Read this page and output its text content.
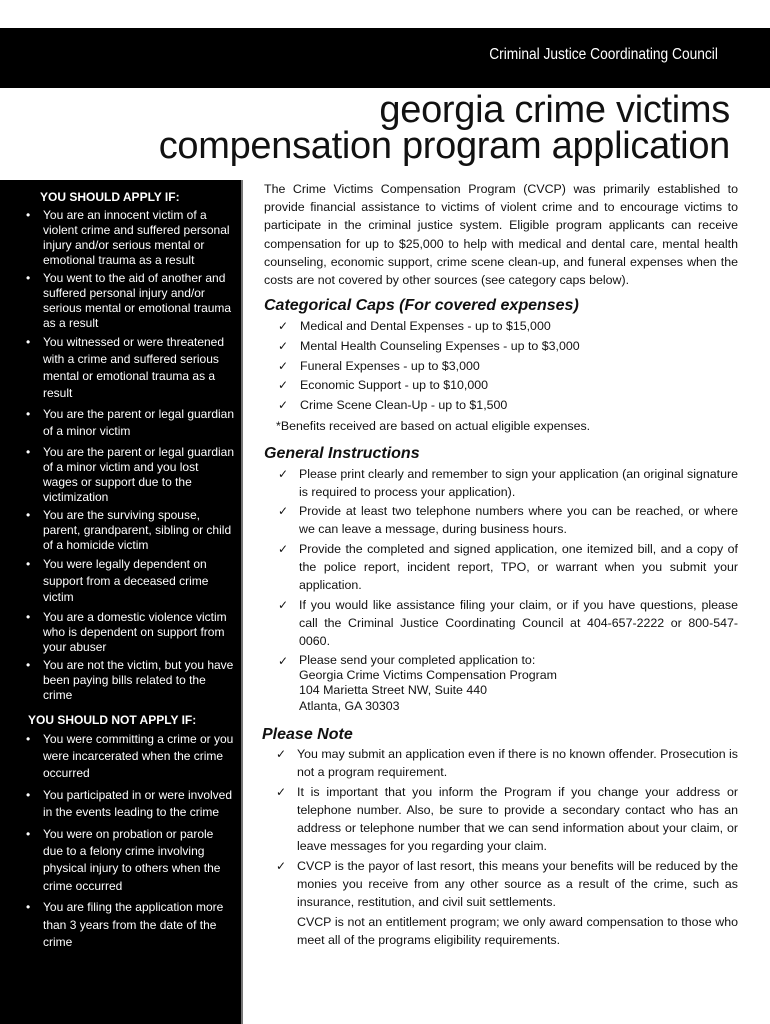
Criminal Justice Coordinating Council
georgia crime victims
compensation program application
YOU SHOULD APPLY IF:
• You are an innocent victim of a violent crime and suffered personal injury and/or serious mental or emotional trauma as a result
• You went to the aid of another and suffered personal injury and/or serious mental or emotional trauma as a result
• You witnessed or were threatened with a crime and suffered serious mental or emotional trauma as a result
• You are the parent or legal guardian of a minor victim
• You are the parent or legal guardian of a minor victim and you lost wages or support due to the victimization
• You are the surviving spouse, parent, grandparent, sibling or child of a homicide victim
• You were legally dependent on support from a deceased crime victim
• You are a domestic violence victim who is dependent on support from your abuser
• You are not the victim, but you have been paying bills related to the crime
YOU SHOULD NOT APPLY IF:
• You were committing a crime or you were incarcerated when the crime occurred
• You participated in or were involved in the events leading to the crime
• You were on probation or parole due to a felony crime involving physical injury to others when the crime occurred
• You are filing the application more than 3 years from the date of the crime

The Crime Victims Compensation Program (CVCP) was primarily established to provide financial assistance to victims of violent crime and to encourage victims to participate in the criminal justice system. Eligible program applicants can receive compensation for up to $25,000 to help with medical and dental care, mental health counseling, economic support, crime scene clean-up, and funeral expenses when the costs are not covered by other sources (see category caps below).

Categorical Caps (For covered expenses)
✓ Medical and Dental Expenses - up to $15,000
✓ Mental Health Counseling Expenses - up to $3,000
✓ Funeral Expenses - up to $3,000
✓ Economic Support - up to $10,000
✓ Crime Scene Clean-Up - up to $1,500
*Benefits received are based on actual eligible expenses.
General Instructions
✓ Please print clearly and remember to sign your application (an original signature is required to process your application).
✓ Provide at least two telephone numbers where you can be reached, or where we can leave a message, during business hours.
✓ Provide the completed and signed application, one itemized bill, and a copy of the police report, incident report, TPO, or warrant when you submit your application.
✓ If you would like assistance filing your claim, or if you have questions, please call the Criminal Justice Coordinating Council at 404-657-2222 or 800-547-0060.
✓ Please send your completed application to:
Georgia Crime Victims Compensation Program
104 Marietta Street NW, Suite 440
Atlanta, GA 30303
Please Note
✓ You may submit an application even if there is no known offender. Prosecution is not a program requirement.
✓ It is important that you inform the Program if you change your address or telephone number. Also, be sure to provide a secondary contact who has an address or telephone number that we can send information about your claim, or leave messages for you regarding your claim.
✓ CVCP is the payor of last resort, this means your benefits will be reduced by the monies you receive from any other source as a result of the crime, such as insurance, restitution, and civil suit settlements.
CVCP is not an entitlement program; we only award compensation to those who meet all of the programs eligibility requirements.
